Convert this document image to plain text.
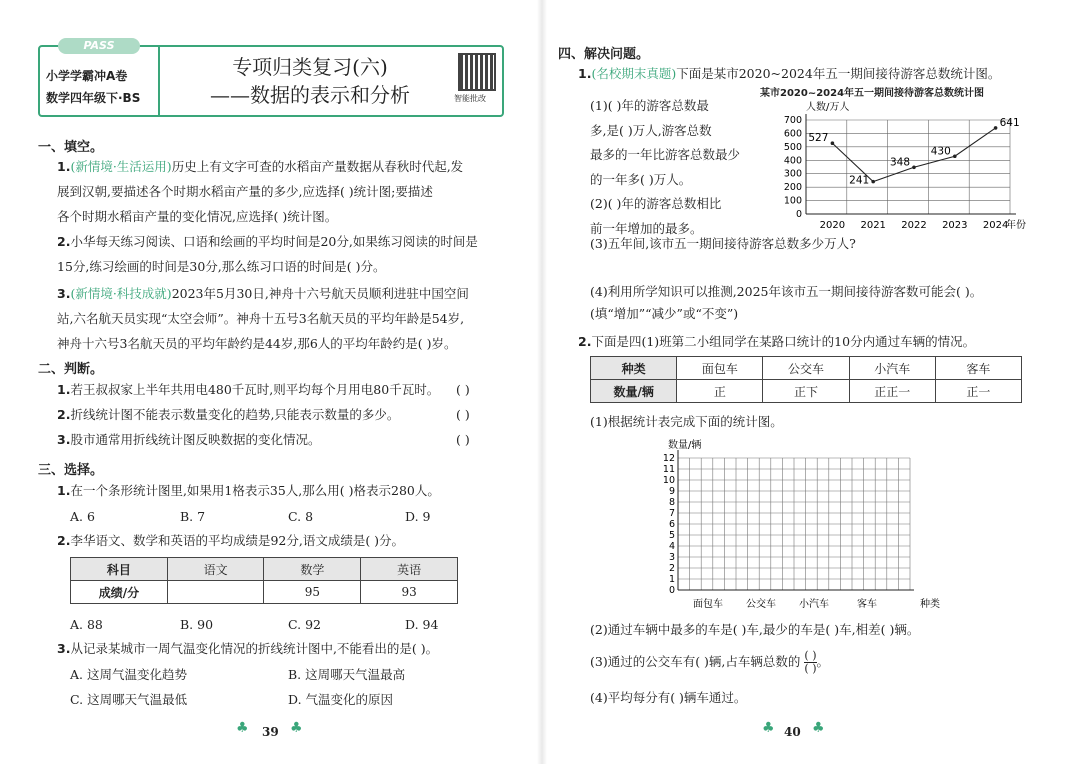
PASS
小学学霸冲A卷
数学四年级下·BS
专项归类复习(六)
——数据的表示和分析	智能批改
一、填空。
1.(新情境·生活运用)历史上有文字可查的水稻亩产量数据从春秋时代起,发
展到汉朝,要描述各个时期水稻亩产量的多少,应选择( )统计图;要描述
各个时期水稻亩产量的变化情况,应选择( )统计图。
2.小华每天练习阅读、口语和绘画的平均时间是20分,如果练习阅读的时间是
15分,练习绘画的时间是30分,那么练习口语的时间是( )分。
3.(新情境·科技成就)2023年5月30日,神舟十六号航天员顺利进驻中国空间
站,六名航天员实现“太空会师”。神舟十五号3名航天员的平均年龄是54岁,
神舟十六号3名航天员的平均年龄约是44岁,那6人的平均年龄约是( )岁。
二、判断。
1.若王叔叔家上半年共用电480千瓦时,则平均每个月用电80千瓦时。 ( )
2.折线统计图不能表示数量变化的趋势,只能表示数量的多少。	( )
3.股市通常用折线统计图反映数据的变化情况。	( )
三、选择。
1.在一个条形统计图里,如果用1格表示35人,那么用( )格表示280人。
A. 6	B. 7	C. 8	D. 9
2.李华语文、数学和英语的平均成绩是92分,语文成绩是( )分。
科目	语文	数学	英语
成绩/分		95	93
A. 88	B. 90	C. 92	D. 94
3.从记录某城市一周气温变化情况的折线统计图中,不能看出的是( )。
A. 这周气温变化趋势	B. 这周哪天气温最高
C. 这周哪天气温最低	D. 气温变化的原因
♣ 39 ♣
四、解决问题。
1.(名校期末真题)下面是某市2020~2024年五一期间接待游客总数统计图。
(1)( )年的游客总数最
多,是( )万人,游客总数
最多的一年比游客总数最少
的一年多( )万人。
(2)( )年的游客总数相比
前一年增加的最多。
某市2020~2024年五一期间接待游客总数统计图
人数/万人
年份
0
100
200
300
400
500
600
700
2020 2021 2022 2023 2024
527
241
348
430
641
(3)五年间,该市五一期间接待游客总数多少万人?
(4)利用所学知识可以推测,2025年该市五一期间接待游客数可能会( )。
(填“增加”“减少”或“不变”)
2.下面是四(1)班第二小组同学在某路口统计的10分内通过车辆的情况。
种类	面包车	公交车	小汽车	客车
数量/辆	正	正下	正正一	正一
(1)根据统计表完成下面的统计图。
数量/辆
种类
0
1
2
3
4
5
6
7
8
9
10
11
12
面包车 公交车 小汽车	客车
(2)通过车辆中最多的车是( )车,最少的车是( )车,相差( )辆。
(3)通过的公交车有( )辆,占车辆总数的 $\frac{( )}{( )}$ 。
(4)平均每分有( )辆车通过。
♣ 40 ♣
